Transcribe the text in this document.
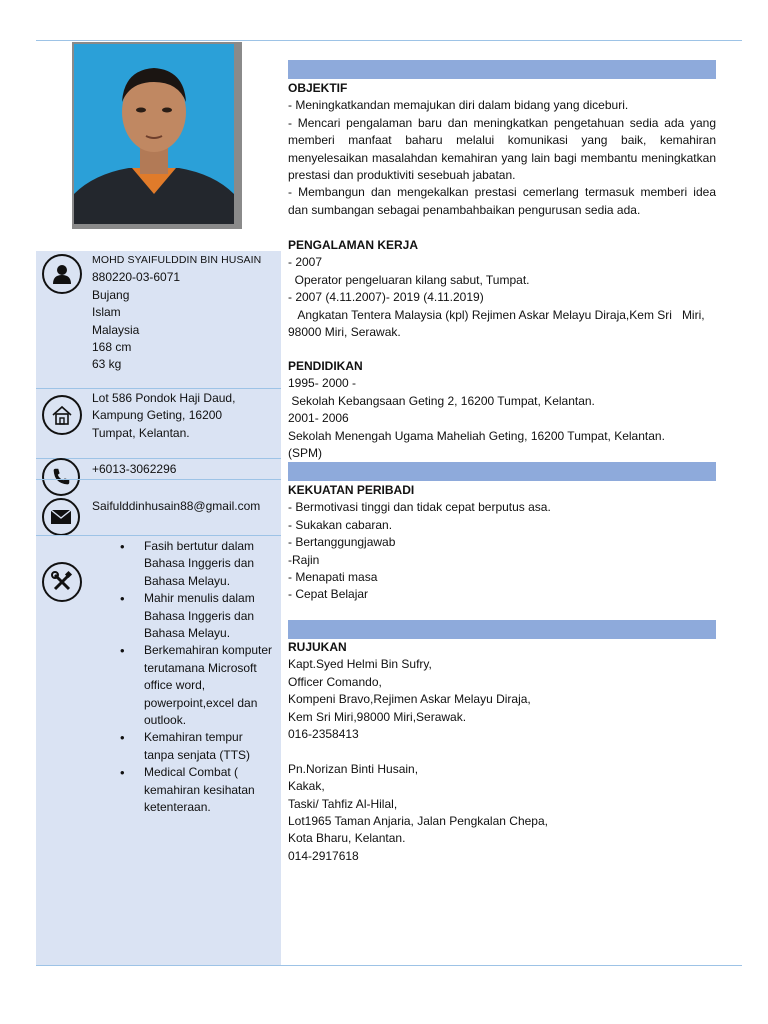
MOHD SYAIFULDDIN BIN HUSAIN
880220-03-6071
Bujang
Islam
Malaysia
168 cm
63 kg
Lot 586 Pondok Haji Daud,
Kampung Geting, 16200
Tumpat, Kelantan.
+6013-3062296
Saifulddinhusain88@gmail.com
• Fasih bertutur dalam Bahasa Inggeris dan Bahasa Melayu.
• Mahir menulis dalam Bahasa Inggeris dan Bahasa Melayu.
• Berkemahiran komputer terutamana Microsoft office word, powerpoint,excel dan outlook.
• Kemahiran tempur tanpa senjata (TTS)
• Medical Combat ( kemahiran kesihatan ketenteraan.
OBJEKTIF
- Meningkatkandan memajukan diri dalam bidang yang diceburi.
- Mencari pengalaman baru dan meningkatkan pengetahuan sedia ada yang memberi manfaat baharu melalui komunikasi yang baik, kemahiran menyelesaikan masalahdan kemahiran yang lain bagi membantu meningkatkan prestasi dan produktiviti sesebuah jabatan.
- Membangun dan mengekalkan prestasi cemerlang termasuk memberi idea dan sumbangan sebagai penambahbaikan pengurusan sedia ada.
PENGALAMAN KERJA
- 2007
Operator pengeluaran kilang sabut, Tumpat.
- 2007 (4.11.2007)- 2019 (4.11.2019)
Angkatan Tentera Malaysia (kpl) Rejimen Askar Melayu Diraja,Kem Sri   Miri,
98000 Miri, Serawak.
PENDIDIKAN
1995- 2000 -
Sekolah Kebangsaan Geting 2, 16200 Tumpat, Kelantan.
2001- 2006
Sekolah Menengah Ugama Maheliah Geting, 16200 Tumpat, Kelantan.
(SPM)
KEKUATAN PERIBADI
- Bermotivasi tinggi dan tidak cepat berputus asa.
- Sukakan cabaran.
- Bertanggungjawab
-Rajin
- Menapati masa
- Cepat Belajar
RUJUKAN
Kapt.Syed Helmi Bin Sufry,
Officer Comando,
Kompeni Bravo,Rejimen Askar Melayu Diraja,
Kem Sri Miri,98000 Miri,Serawak.
016-2358413
Pn.Norizan Binti Husain,
Kakak,
Taski/ Tahfiz Al-Hilal,
Lot1965 Taman Anjaria, Jalan Pengkalan Chepa,
Kota Bharu, Kelantan.
014-2917618
